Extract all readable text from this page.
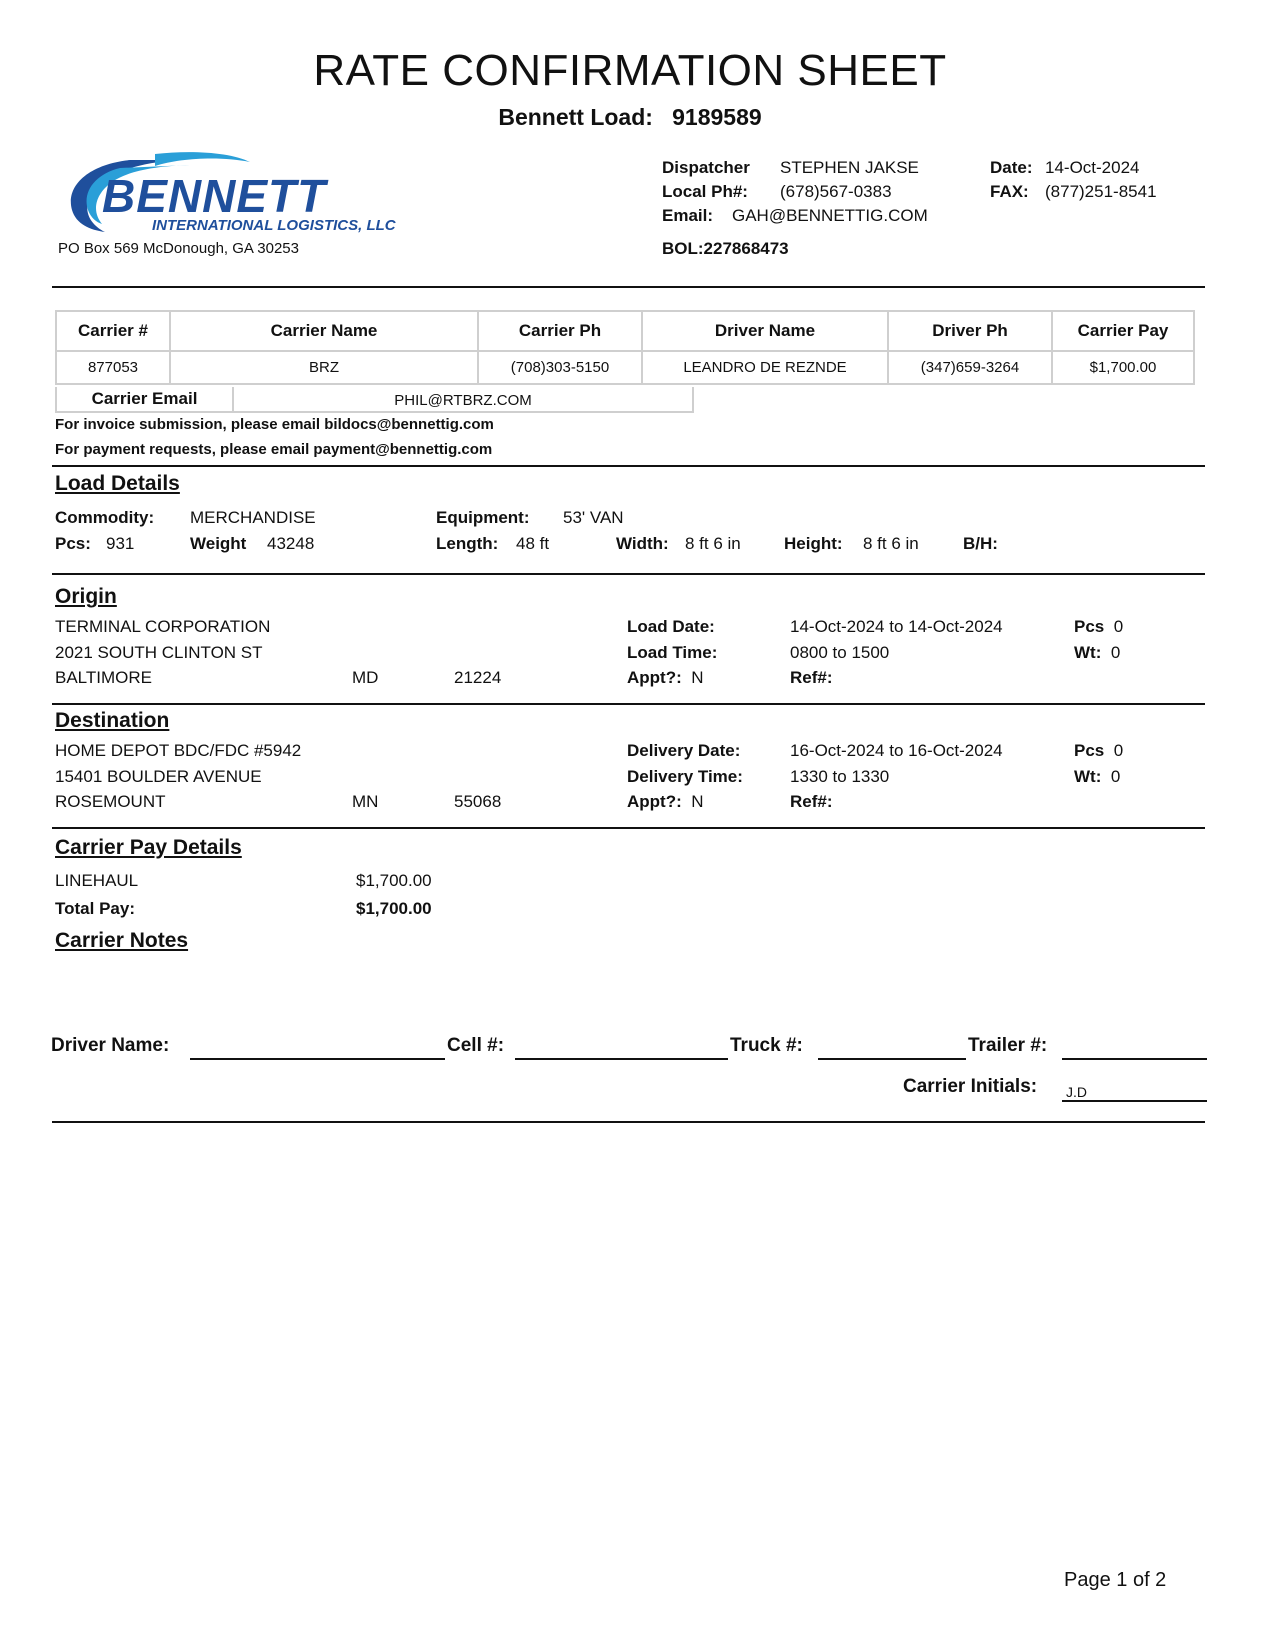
RATE CONFIRMATION SHEET
Bennett Load: 9189589
BENNETT
INTERNATIONAL LOGISTICS, LLC
PO Box 569 McDonough, GA 30253
Dispatcher STEPHEN JAKSE
Local Ph#: (678)567-0383
Email: GAH@BENNETTIG.COM
BOL:227868473
Date: 14-Oct-2024
FAX: (877)251-8541
Carrier #	Carrier Name	Carrier Ph	Driver Name	Driver Ph	Carrier Pay
877053	BRZ	(708)303-5150	LEANDRO DE REZNDE	(347)659-3264	$1,700.00
Carrier Email	PHIL@RTBRZ.COM
For invoice submission, please email bildocs@bennettig.com
For payment requests, please email payment@bennettig.com
Load Details
Commodity: MERCHANDISE	Equipment: 53' VAN
Pcs: 931	Weight 43248	Length: 48 ft	Width: 8 ft 6 in	Height: 8 ft 6 in	B/H:
Origin
TERMINAL CORPORATION
2021 SOUTH CLINTON ST
BALTIMORE	MD	21224
Load Date:	14-Oct-2024 to 14-Oct-2024
Load Time:	0800 to 1500
Appt?: N	Ref#:
Pcs 0
Wt: 0
Destination
HOME DEPOT BDC/FDC #5942
15401 BOULDER AVENUE
ROSEMOUNT	MN	55068
Delivery Date:	16-Oct-2024 to 16-Oct-2024
Delivery Time:	1330 to 1330
Appt?: N	Ref#:
Pcs 0
Wt: 0
Carrier Pay Details
LINEHAUL	$1,700.00
Total Pay:	$1,700.00
Carrier Notes
Driver Name:	Cell #:	Truck #:	Trailer #:
Carrier Initials: J.D
Page 1 of 2
